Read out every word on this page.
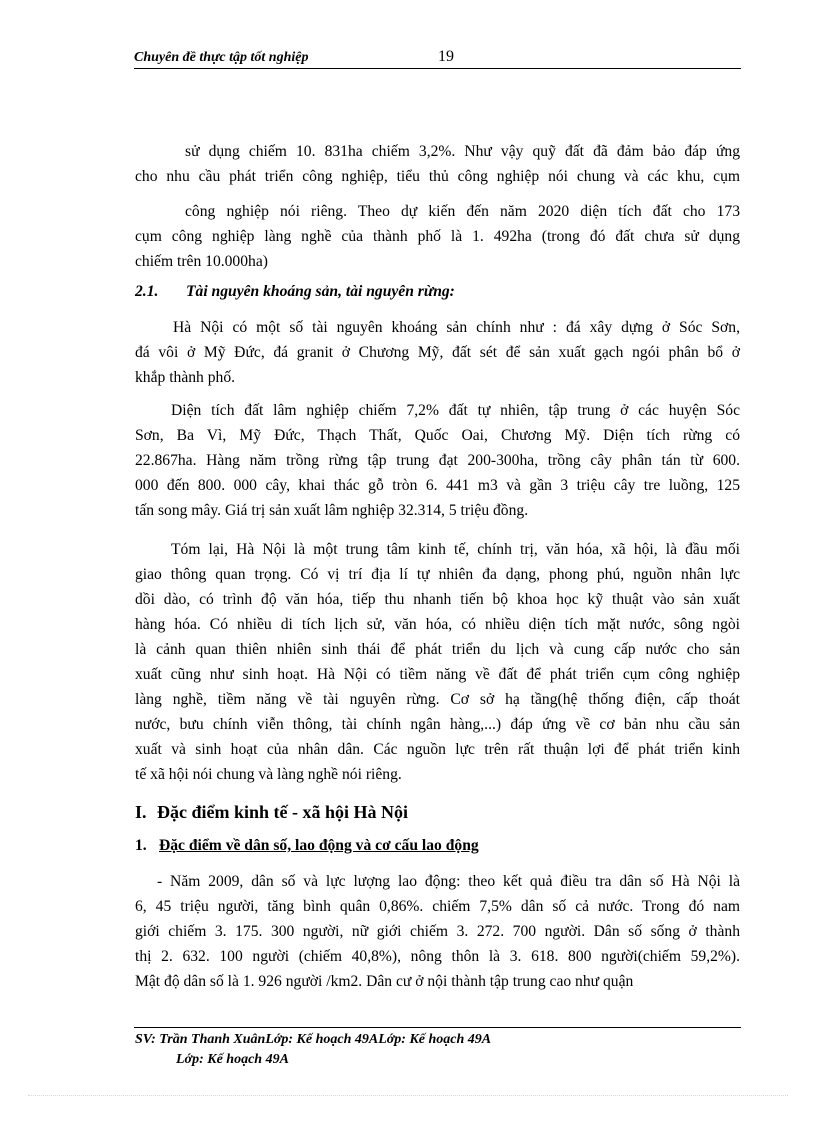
Chuyên đề thực tập tốt nghiệp	19

sử dụng chiếm 10. 831ha chiếm 3,2%. Như vậy quỹ đất đã đảm bảo đáp ứng
cho nhu cầu phát triển công nghiệp, tiểu thủ công nghiệp nói chung và các khu, cụm

công nghiệp nói riêng. Theo dự kiến đến năm 2020 diện tích đất cho 173
cụm công nghiệp làng nghề của thành phố là 1. 492ha (trong đó đất chưa sử dụng
chiếm trên 10.000ha)

2.1. Tài nguyên khoáng sản, tài nguyên rừng:

Hà Nội có một số tài nguyên khoáng sản chính như : đá xây dựng ở Sóc Sơn,
đá vôi ở Mỹ Đức, đá granit ở Chương Mỹ, đất sét để sản xuất gạch ngói phân bổ ở
khắp thành phố.

Diện tích đất lâm nghiệp chiếm 7,2% đất tự nhiên, tập trung ở các huyện Sóc
Sơn, Ba Vì, Mỹ Đức, Thạch Thất, Quốc Oai, Chương Mỹ. Diện tích rừng có
22.867ha. Hàng năm trồng rừng tập trung đạt 200-300ha, trồng cây phân tán từ 600.
000 đến 800. 000 cây, khai thác gỗ tròn 6. 441 m3 và gần 3 triệu cây tre luồng, 125
tấn song mây. Giá trị sản xuất lâm nghiệp 32.314, 5 triệu đồng.

Tóm lại, Hà Nội là một trung tâm kinh tế, chính trị, văn hóa, xã hội, là đầu mối
giao thông quan trọng. Có vị trí địa lí tự nhiên đa dạng, phong phú, nguồn nhân lực
dồi dào, có trình độ văn hóa, tiếp thu nhanh tiến bộ khoa học kỹ thuật vào sản xuất
hàng hóa. Có nhiều di tích lịch sử, văn hóa, có nhiều diện tích mặt nước, sông ngòi
là cảnh quan thiên nhiên sinh thái để phát triển du lịch và cung cấp nước cho sản
xuất cũng như sinh hoạt. Hà Nội có tiềm năng về đất để phát triển cụm công nghiệp
làng nghề, tiềm năng về tài nguyên rừng. Cơ sở hạ tầng(hệ thống điện, cấp thoát
nước, bưu chính viễn thông, tài chính ngân hàng,...) đáp ứng về cơ bản nhu cầu sản
xuất và sinh hoạt của nhân dân. Các nguồn lực trên rất thuận lợi để phát triển kinh
tế xã hội nói chung và làng nghề nói riêng.

I. Đặc điểm kinh tế - xã hội Hà Nội
1. Đặc điểm về dân số, lao động và cơ cấu lao động

- Năm 2009, dân số và lực lượng lao động: theo kết quả điều tra dân số Hà Nội là
6, 45 triệu người, tăng bình quân 0,86%. chiếm 7,5% dân số cả nước. Trong đó nam
giới chiếm 3. 175. 300 người, nữ giới chiếm 3. 272. 700 người. Dân số sống ở thành
thị 2. 632. 100 người (chiếm 40,8%), nông thôn là 3. 618. 800 người(chiếm 59,2%).
Mật độ dân số là 1. 926 người /km2. Dân cư ở nội thành tập trung cao như quận

SV: Trần Thanh XuânLớp: Kế hoạch 49ALớp: Kế hoạch 49A
Lớp: Kế hoạch 49A
